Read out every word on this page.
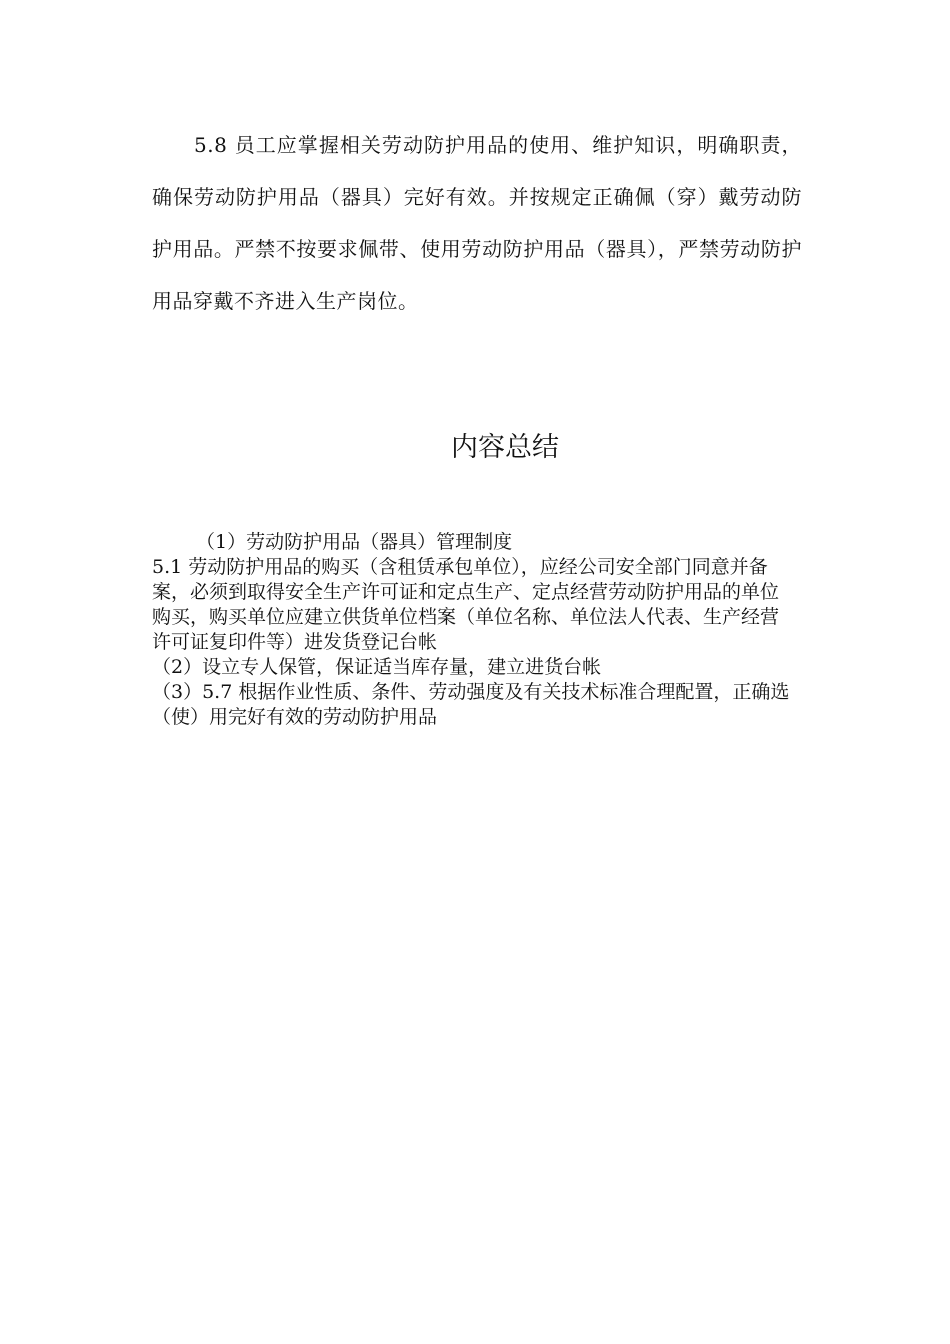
5.8 员工应掌握相关劳动防护用品的使用、维护知识，明确职责，确保劳动防护用品（器具）完好有效。并按规定正确佩（穿）戴劳动防护用品。严禁不按要求佩带、使用劳动防护用品（器具），严禁劳动防护用品穿戴不齐进入生产岗位。

内容总结
（1）劳动防护用品（器具）管理制度
5.1 劳动防护用品的购买（含租赁承包单位），应经公司安全部门同意并备案，必须到取得安全生产许可证和定点生产、定点经营劳动防护用品的单位购买，购买单位应建立供货单位档案（单位名称、单位法人代表、生产经营许可证复印件等）进发货登记台帐
（2）设立专人保管，保证适当库存量，建立进货台帐
（3）5.7 根据作业性质、条件、劳动强度及有关技术标准合理配置，正确选（使）用完好有效的劳动防护用品
